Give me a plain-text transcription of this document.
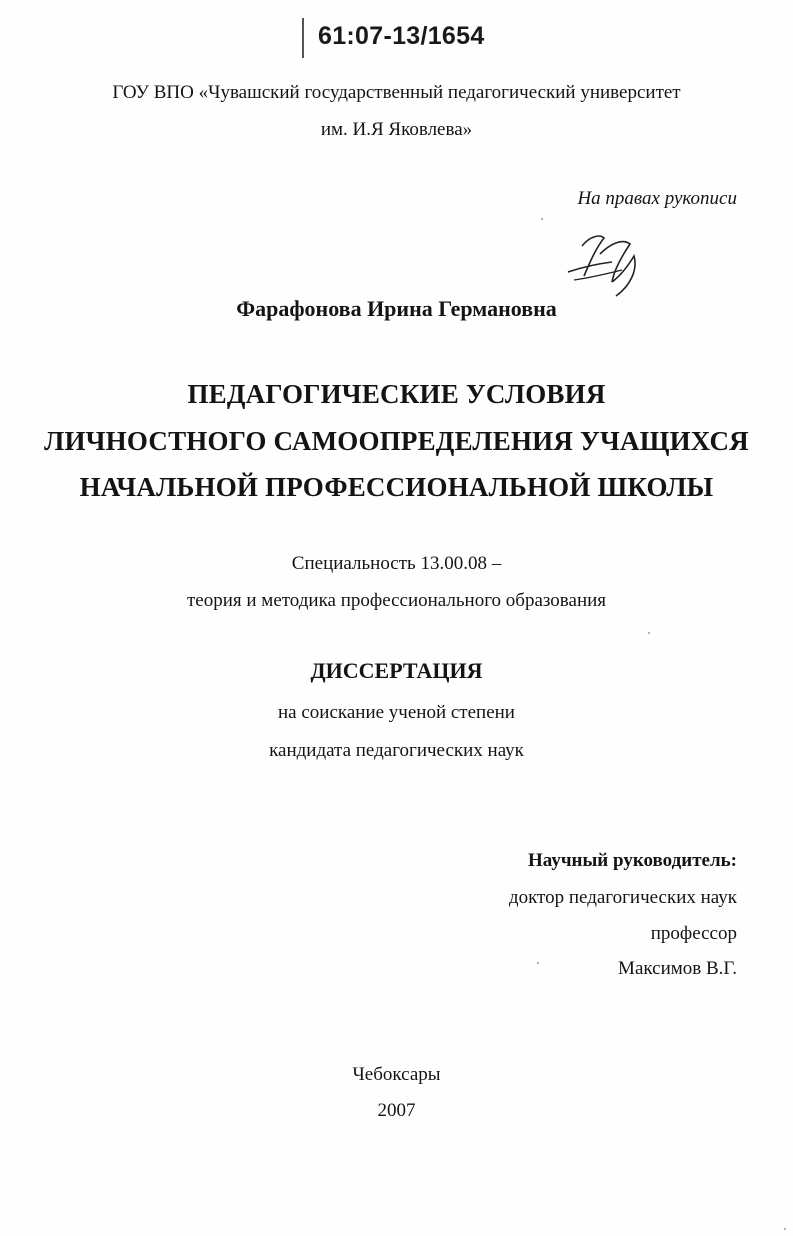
61:07-13/1654
ГОУ ВПО «Чувашский государственный педагогический университет
им. И.Я Яковлева»
На правах рукописи
Фарафонова Ирина Германовна
ПЕДАГОГИЧЕСКИЕ УСЛОВИЯ
ЛИЧНОСТНОГО САМООПРЕДЕЛЕНИЯ УЧАЩИХСЯ
НАЧАЛЬНОЙ ПРОФЕССИОНАЛЬНОЙ ШКОЛЫ
Специальность 13.00.08 –
теория и методика профессионального образования
ДИССЕРТАЦИЯ
на соискание ученой степени
кандидата педагогических наук
Научный руководитель:
доктор педагогических наук
профессор
Максимов В.Г.
Чебоксары
2007
